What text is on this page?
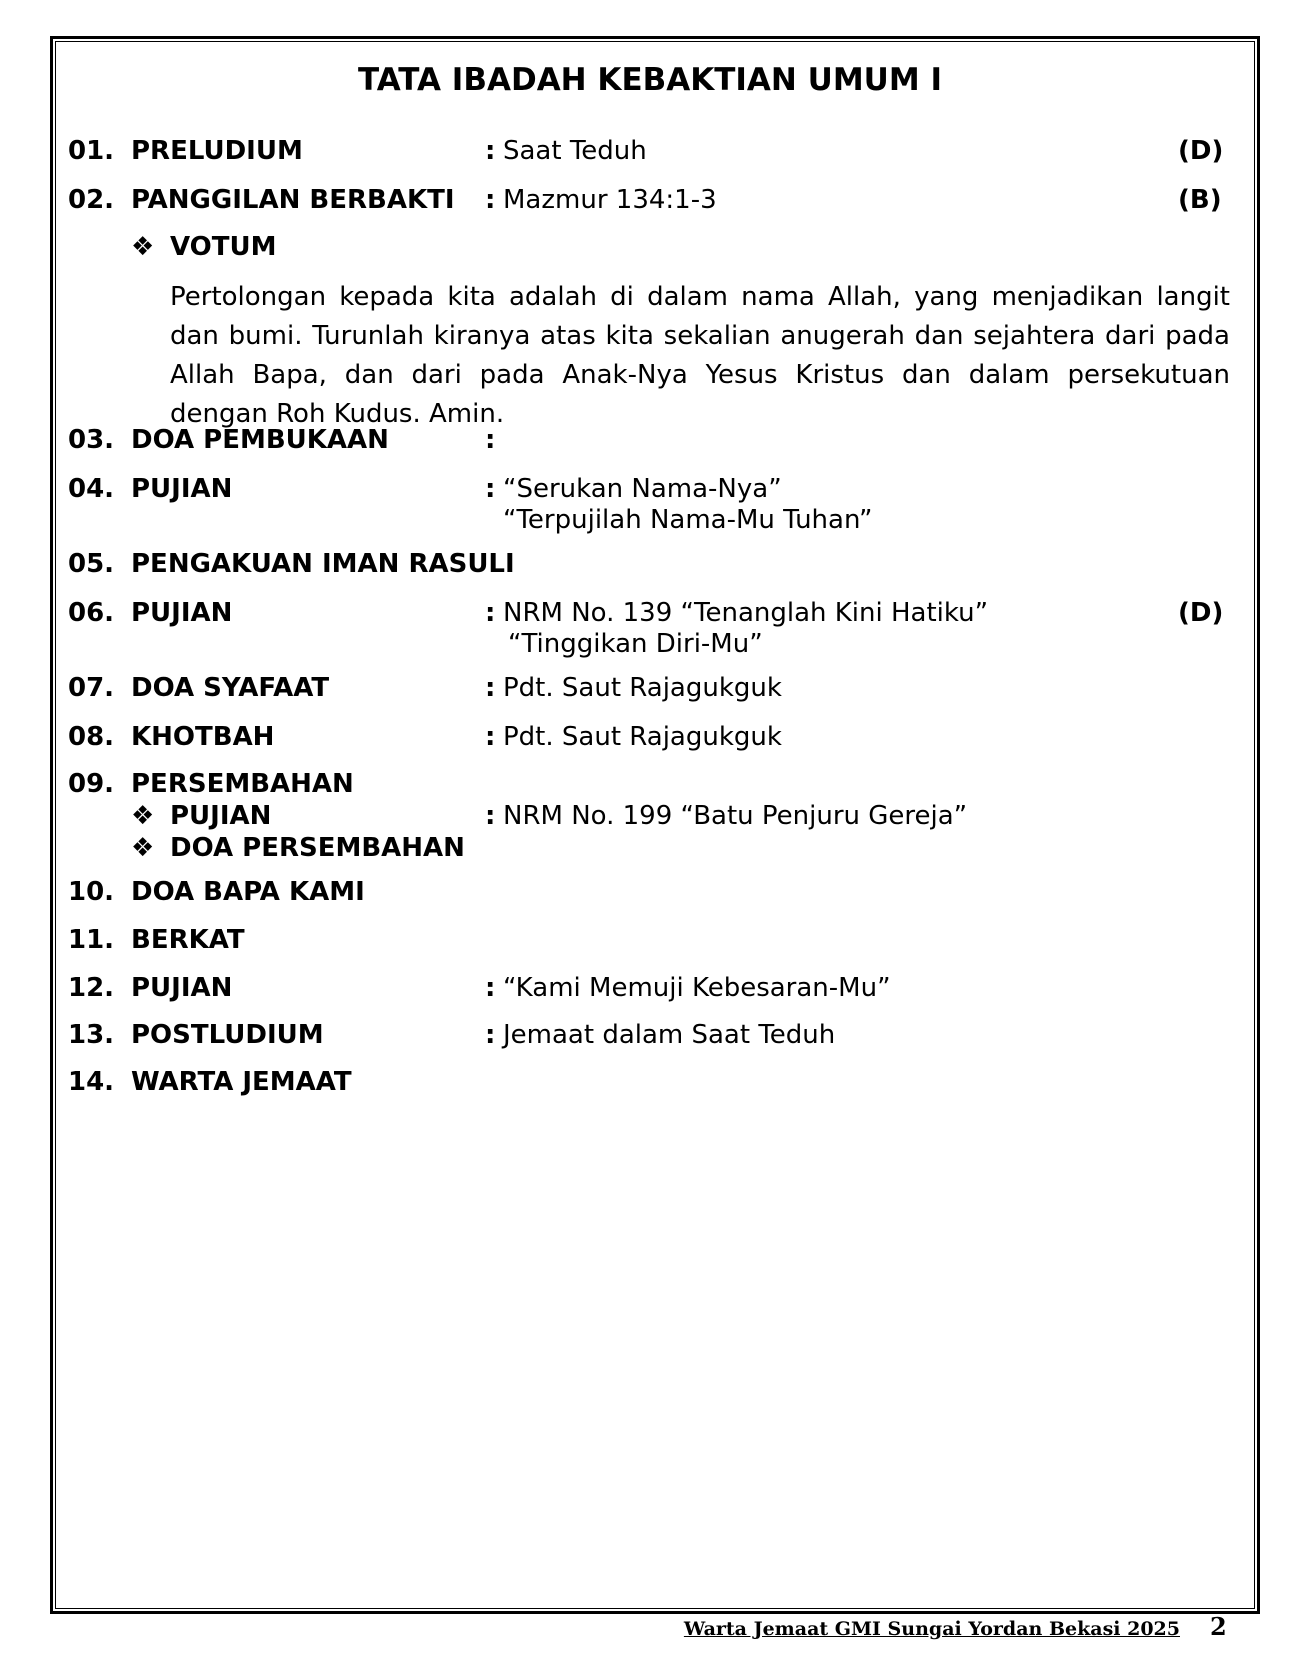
TATA IBADAH KEBAKTIAN UMUM I
01. PRELUDIUM	: Saat Teduh	(D)
02. PANGGILAN BERBAKTI : Mazmur 134:1-3	(B)
❖ VOTUM
Pertolongan kepada kita adalah di dalam nama Allah, yang menjadikan langit dan bumi. Turunlah kiranya atas kita sekalian anugerah dan sejahtera dari pada Allah Bapa, dan dari pada Anak-Nya Yesus Kristus dan dalam persekutuan dengan Roh Kudus. Amin.
03. DOA PEMBUKAAN	:
04. PUJIAN	: “Serukan Nama-Nya”
“Terpujilah Nama-Mu Tuhan”
05. PENGAKUAN IMAN RASULI
06. PUJIAN	: NRM No. 139 “Tenanglah Kini Hatiku”	(D)
“Tinggikan Diri-Mu”
07. DOA SYAFAAT	: Pdt. Saut Rajagukguk
08. KHOTBAH	: Pdt. Saut Rajagukguk
09. PERSEMBAHAN
❖ PUJIAN	: NRM No. 199 “Batu Penjuru Gereja”
❖ DOA PERSEMBAHAN
10. DOA BAPA KAMI
11. BERKAT
12. PUJIAN	: “Kami Memuji Kebesaran-Mu”
13. POSTLUDIUM	: Jemaat dalam Saat Teduh
14. WARTA JEMAAT
Warta Jemaat GMI Sungai Yordan Bekasi 2025 2
